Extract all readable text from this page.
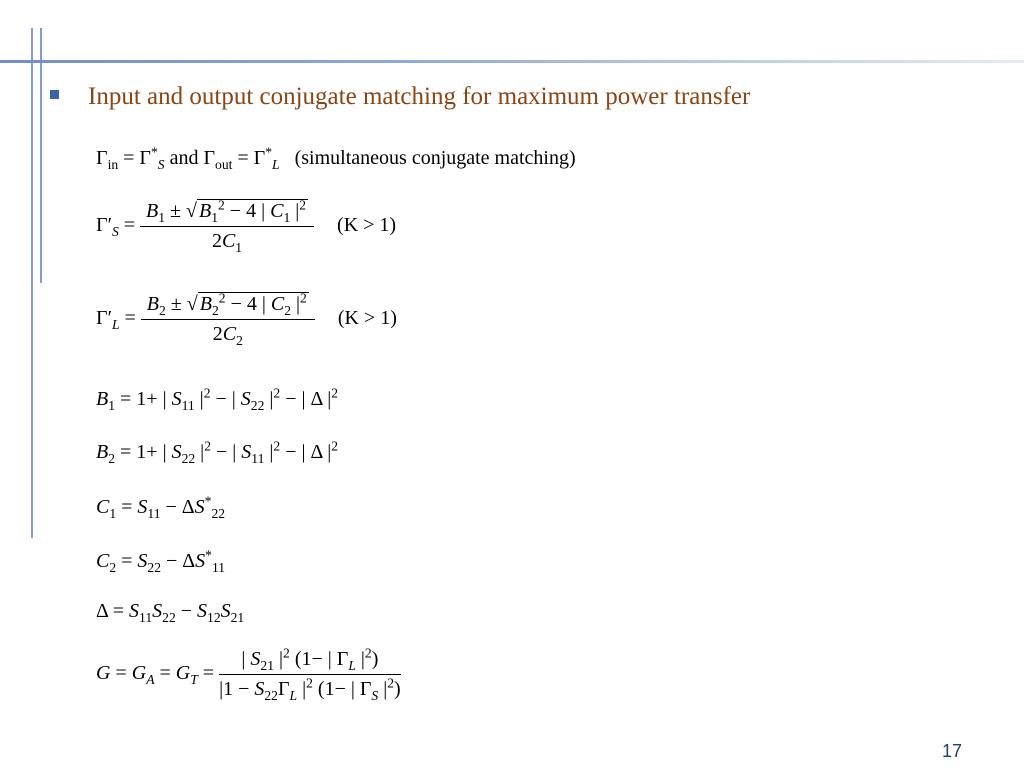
Input and output conjugate matching for maximum power transfer
$\Gamma_{in} = \Gamma^*_S$ and $\Gamma_{out} = \Gamma^*_L$ (simultaneous conjugate matching)
$\Gamma'_S = \frac{B_1 \pm √ B_1^2 - 4 | C_1 |^2}{2C_1} (K > 1)$
$\Gamma'_L = \frac{B_2 \pm √ B_2^2 - 4 | C_2 |^2}{2C_2} (K > 1)$
$B_1 = 1+$ | $S_{11}$ $|^2$ − | $S_{22}$ $|^2$ − | Δ $|^2$
$B_2 = 1+$ | $S_{22}$ $|^2$ − | $S_{11}$ $|^2$ − | Δ $|^2$
$C_1 = S_{11} - \Delta S^*_{22}$
$C_2 = S_{22} - \Delta S^*_{11}$
$\Delta = S_{11}S_{22} - S_{12}S_{21}$
$G = G_A = G_T = \frac{| S_{21} |^2 (1- | \Gamma_L |^2)}{|1 - S_{22}\Gamma_L |^2 (1- | \Gamma_S |^2)}$
17
